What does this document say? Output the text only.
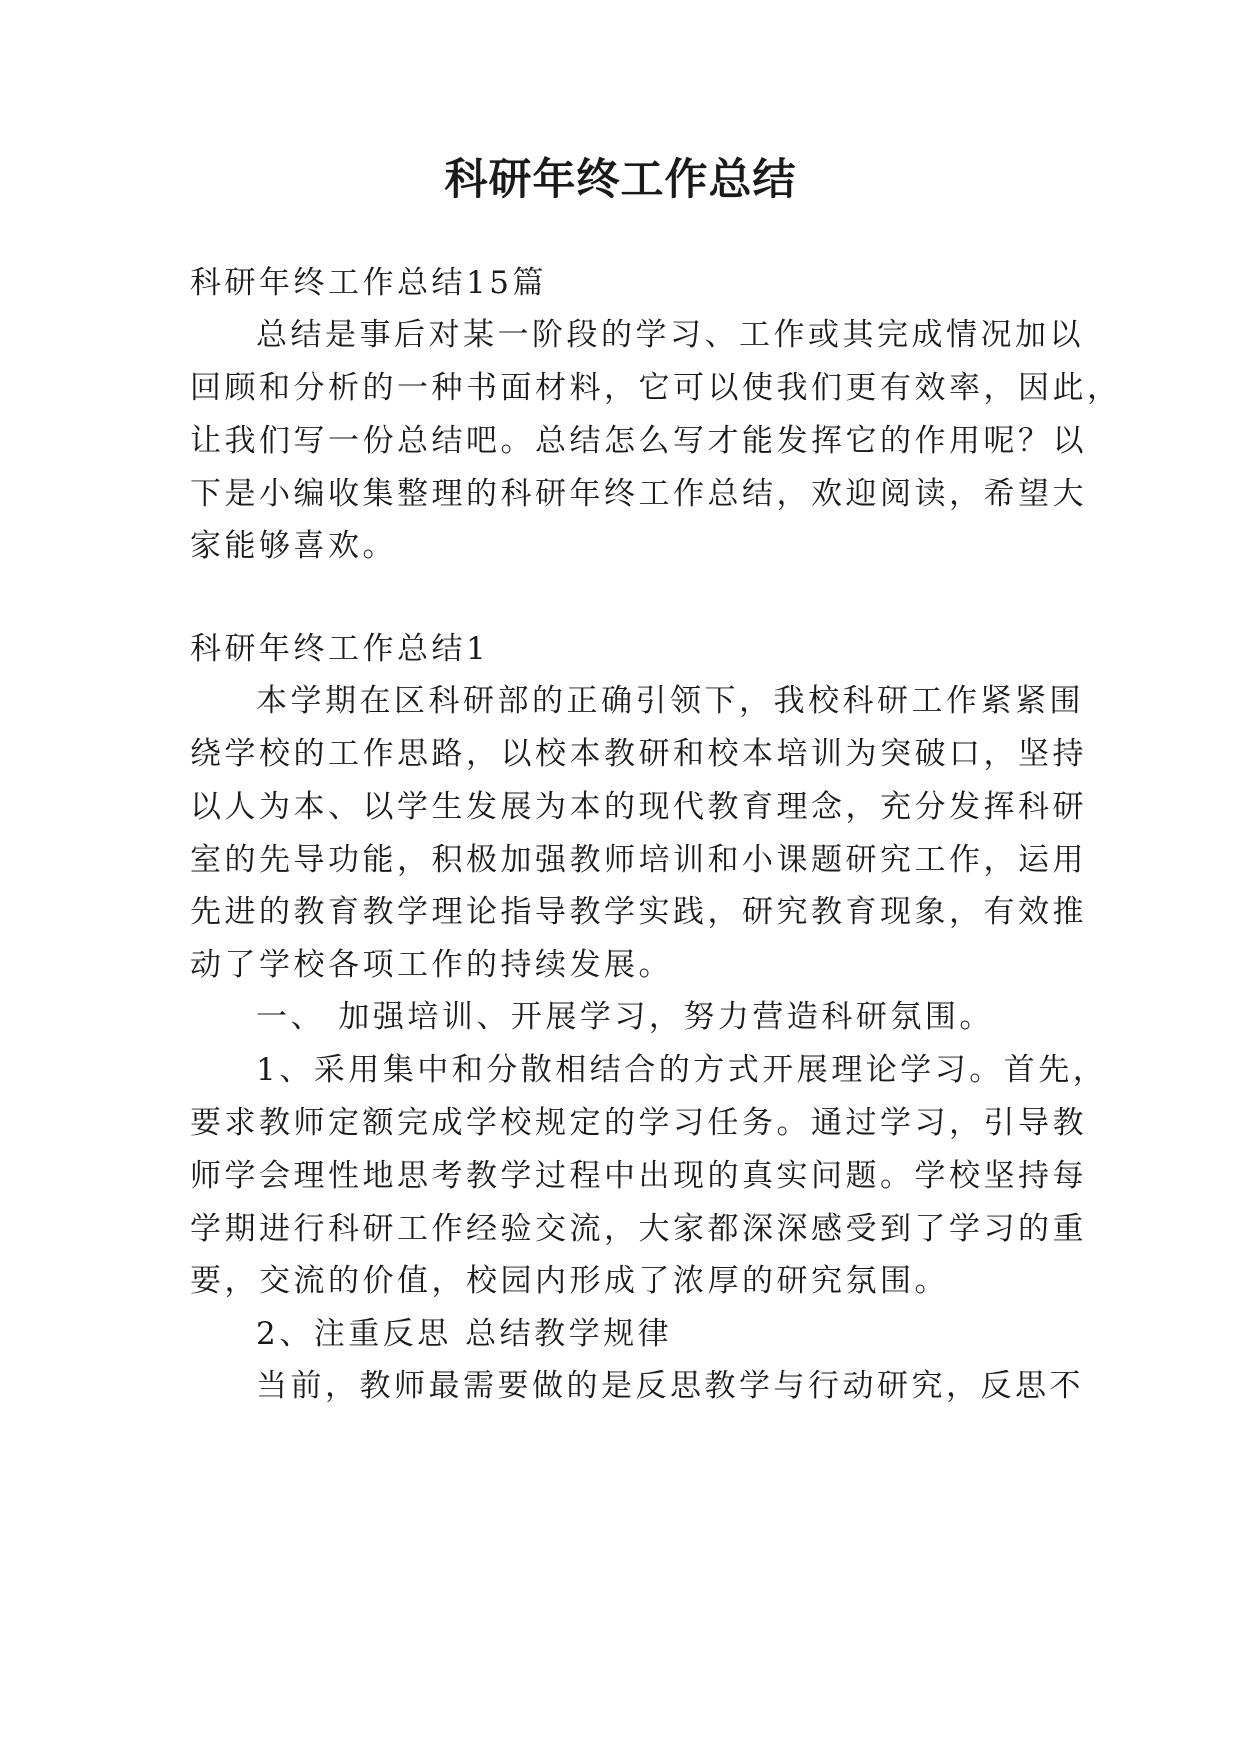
科研年终工作总结
科研年终工作总结15篇
总结是事后对某一阶段的学习、工作或其完成情况加以
回顾和分析的一种书面材料，它可以使我们更有效率，因此，
让我们写一份总结吧。总结怎么写才能发挥它的作用呢？以
下是小编收集整理的科研年终工作总结，欢迎阅读，希望大
家能够喜欢。
科研年终工作总结1
本学期在区科研部的正确引领下，我校科研工作紧紧围
绕学校的工作思路，以校本教研和校本培训为突破口，坚持
以人为本、以学生发展为本的现代教育理念，充分发挥科研
室的先导功能，积极加强教师培训和小课题研究工作，运用
先进的教育教学理论指导教学实践，研究教育现象，有效推
动了学校各项工作的持续发展。
一、 加强培训、开展学习，努力营造科研氛围。
1、采用集中和分散相结合的方式开展理论学习。首先，
要求教师定额完成学校规定的学习任务。通过学习，引导教
师学会理性地思考教学过程中出现的真实问题。学校坚持每
学期进行科研工作经验交流，大家都深深感受到了学习的重
要，交流的价值，校园内形成了浓厚的研究氛围。
2、注重反思 总结教学规律
当前，教师最需要做的是反思教学与行动研究，反思不
